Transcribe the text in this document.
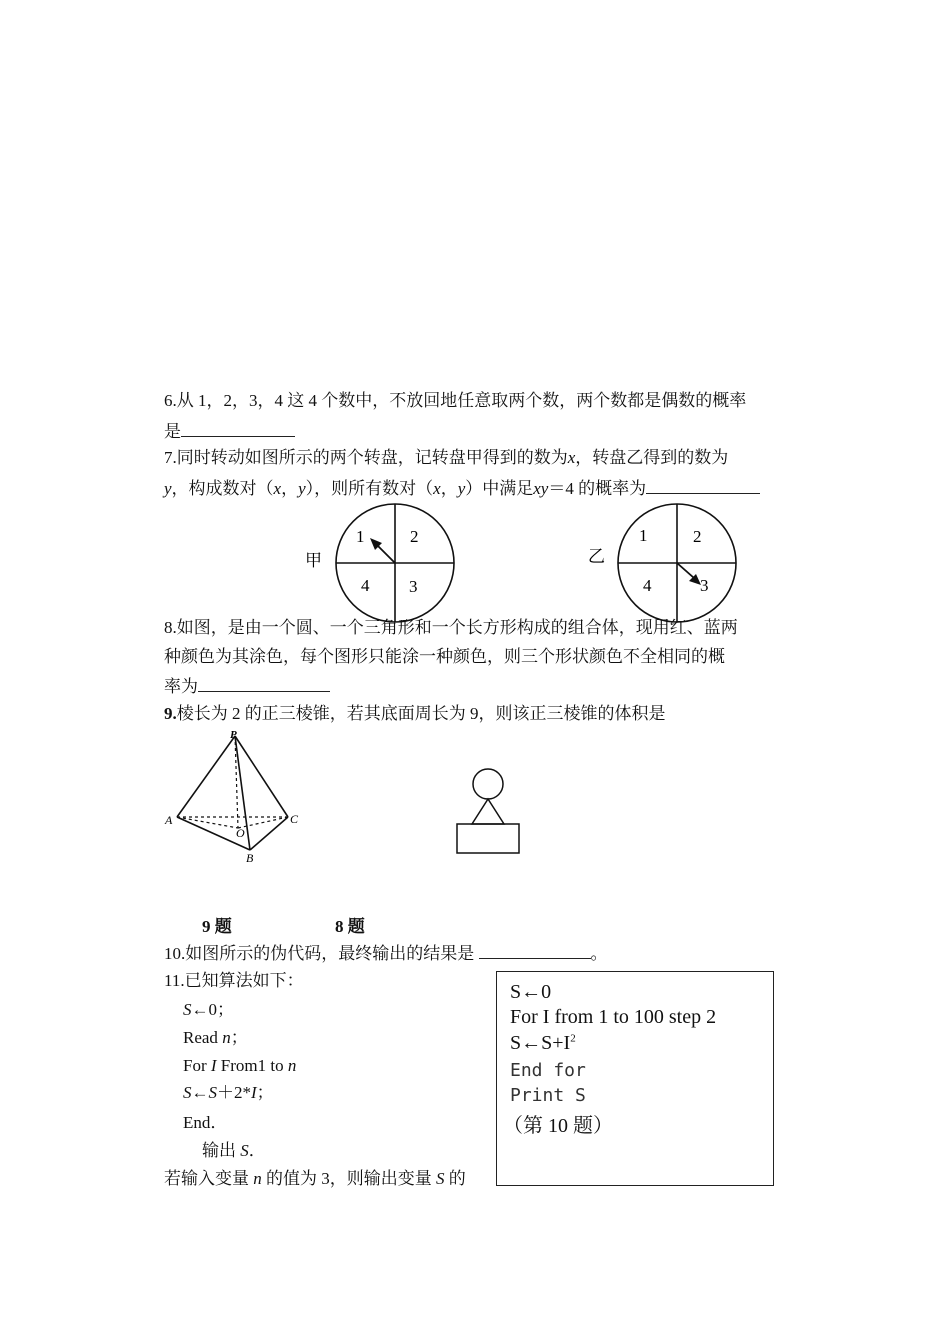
6.从 1，2，3，4 这 4 个数中，不放回地任意取两个数，两个数都是偶数的概率
是
7.同时转动如图所示的两个转盘，记转盘甲得到的数为x，转盘乙得到的数为
y，构成数对（x，y），则所有数对（x，y）中满足xy＝4 的概率为
甲
1	2
4 3
乙
1	2
4	3
8.如图，是由一个圆、一个三角形和一个长方形构成的组合体，现用红、蓝两
种颜色为其涂色，每个图形只能涂一种颜色，则三个形状颜色不全相同的概
率为
9.棱长为 2 的正三棱锥，若其底面周长为 9，则该正三棱锥的体积是
P
A	C
B
O
9 题	8 题
10.如图所示的伪代码，最终输出的结果是	。
11.已知算法如下：
S←0；
Read n；
For I From1 to n
S←S＋2*I；
End．
输出 S．
若输入变量 n 的值为 3，则输出变量 S 的
S←0
For I from 1 to 100 step 2
$S\leftarrow S+I^2$
End for
Print S
（第 10 题）
